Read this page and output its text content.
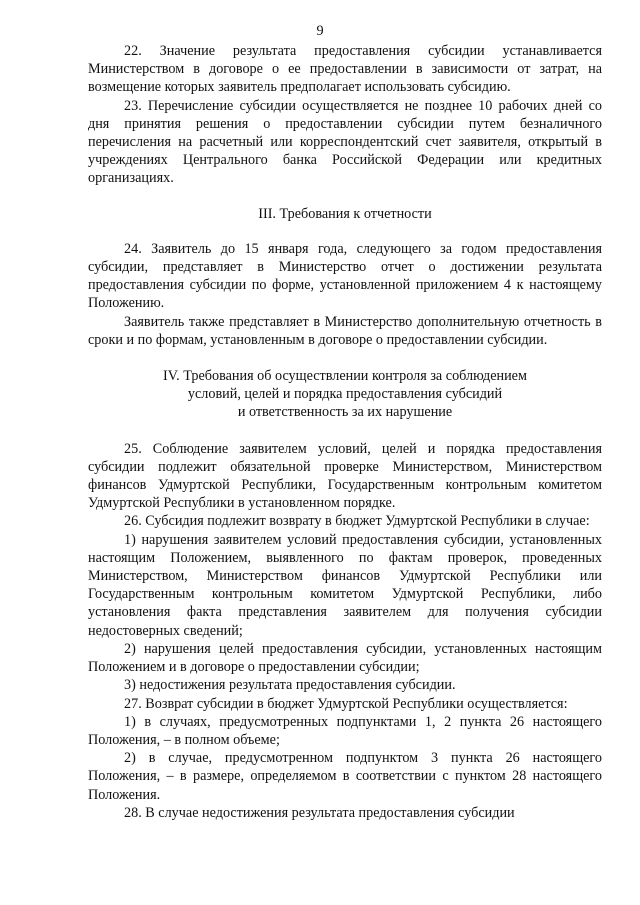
9

22. Значение результата предоставления субсидии устанавливается Министерством в договоре о ее предоставлении в зависимости от затрат, на возмещение которых заявитель предполагает использовать субсидию.

23. Перечисление субсидии осуществляется не позднее 10 рабочих дней со дня принятия решения о предоставлении субсидии путем безналичного перечисления на расчетный или корреспондентский счет заявителя, открытый в учреждениях Центрального банка Российской Федерации или кредитных организациях.

III. Требования к отчетности

24. Заявитель до 15 января года, следующего за годом предоставления субсидии, представляет в Министерство отчет о достижении результата предоставления субсидии по форме, установленной приложением 4 к настоящему Положению.

Заявитель также представляет в Министерство дополнительную отчетность в сроки и по формам, установленным в договоре о предоставлении субсидии.

IV. Требования об осуществлении контроля за соблюдением
условий, целей и порядка предоставления субсидий
и ответственность за их нарушение

25. Соблюдение заявителем условий, целей и порядка предоставления субсидии подлежит обязательной проверке Министерством, Министерством финансов Удмуртской Республики, Государственным контрольным комитетом Удмуртской Республики в установленном порядке.

26. Субсидия подлежит возврату в бюджет Удмуртской Республики в случае:

1) нарушения заявителем условий предоставления субсидии, установленных настоящим Положением, выявленного по фактам проверок, проведенных Министерством, Министерством финансов Удмуртской Республики или Государственным контрольным комитетом Удмуртской Республики, либо установления факта представления заявителем для получения субсидии недостоверных сведений;

2) нарушения целей предоставления субсидии, установленных настоящим Положением и в договоре о предоставлении субсидии;

3) недостижения результата предоставления субсидии.

27. Возврат субсидии в бюджет Удмуртской Республики осуществляется:

1) в случаях, предусмотренных подпунктами 1, 2 пункта 26 настоящего Положения, – в полном объеме;

2) в случае, предусмотренном подпунктом 3 пункта 26 настоящего Положения, – в размере, определяемом в соответствии с пунктом 28 настоящего Положения.

28. В случае недостижения результата предоставления субсидии
